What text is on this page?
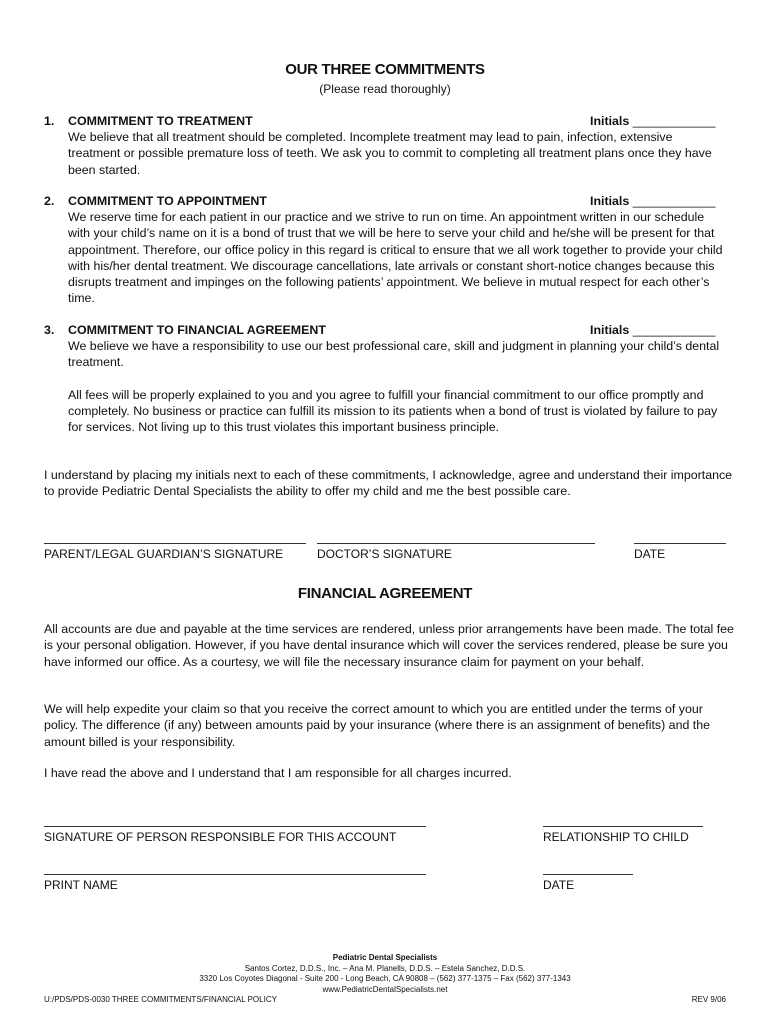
OUR THREE COMMITMENTS
(Please read thoroughly)
1. COMMITMENT TO TREATMENT	Initials ____________

We believe that all treatment should be completed. Incomplete treatment may lead to pain, infection, extensive treatment or possible premature loss of teeth. We ask you to commit to completing all treatment plans once they have been started.

2. COMMITMENT TO APPOINTMENT	Initials ____________

We reserve time for each patient in our practice and we strive to run on time. An appointment written in our schedule with your child’s name on it is a bond of trust that we will be here to serve your child and he/she will be present for that appointment. Therefore, our office policy in this regard is critical to ensure that we all work together to provide your child with his/her dental treatment. We discourage cancellations, late arrivals or constant short-notice changes because this disrupts treatment and impinges on the following patients’ appointment. We believe in mutual respect for each other’s time.

3. COMMITMENT TO FINANCIAL AGREEMENT	Initials ____________

We believe we have a responsibility to use our best professional care, skill and judgment in planning your child’s dental treatment.

All fees will be properly explained to you and you agree to fulfill your financial commitment to our office promptly and completely. No business or practice can fulfill its mission to its patients when a bond of trust is violated by failure to pay for services. Not living up to this trust violates this important business principle.

I understand by placing my initials next to each of these commitments, I acknowledge, agree and understand their importance to provide Pediatric Dental Specialists the ability to offer my child and me the best possible care.

PARENT/LEGAL GUARDIAN’S SIGNATURE	DOCTOR’S SIGNATURE	DATE
FINANCIAL AGREEMENT

All accounts are due and payable at the time services are rendered, unless prior arrangements have been made. The total fee is your personal obligation. However, if you have dental insurance which will cover the services rendered, please be sure you have informed our office. As a courtesy, we will file the necessary insurance claim for payment on your behalf.

We will help expedite your claim so that you receive the correct amount to which you are entitled under the terms of your policy. The difference (if any) between amounts paid by your insurance (where there is an assignment of benefits) and the amount billed is your responsibility.

I have read the above and I understand that I am responsible for all charges incurred.

SIGNATURE OF PERSON RESPONSIBLE FOR THIS ACCOUNT	RELATIONSHIP TO CHILD
PRINT NAME	DATE
Pediatric Dental Specialists
Santos Cortez, D.D.S., Inc. – Ana M. Planells, D.D.S. – Estela Sanchez, D.D.S.
3320 Los Coyotes Diagonal - Suite 200 - Long Beach, CA 90808 – (562) 377-1375 – Fax (562) 377-1343
www.PediatricDentalSpecialists.net
U:/PDS/PDS-0030 THREE COMMITMENTS/FINANCIAL POLICY	REV 9/06
